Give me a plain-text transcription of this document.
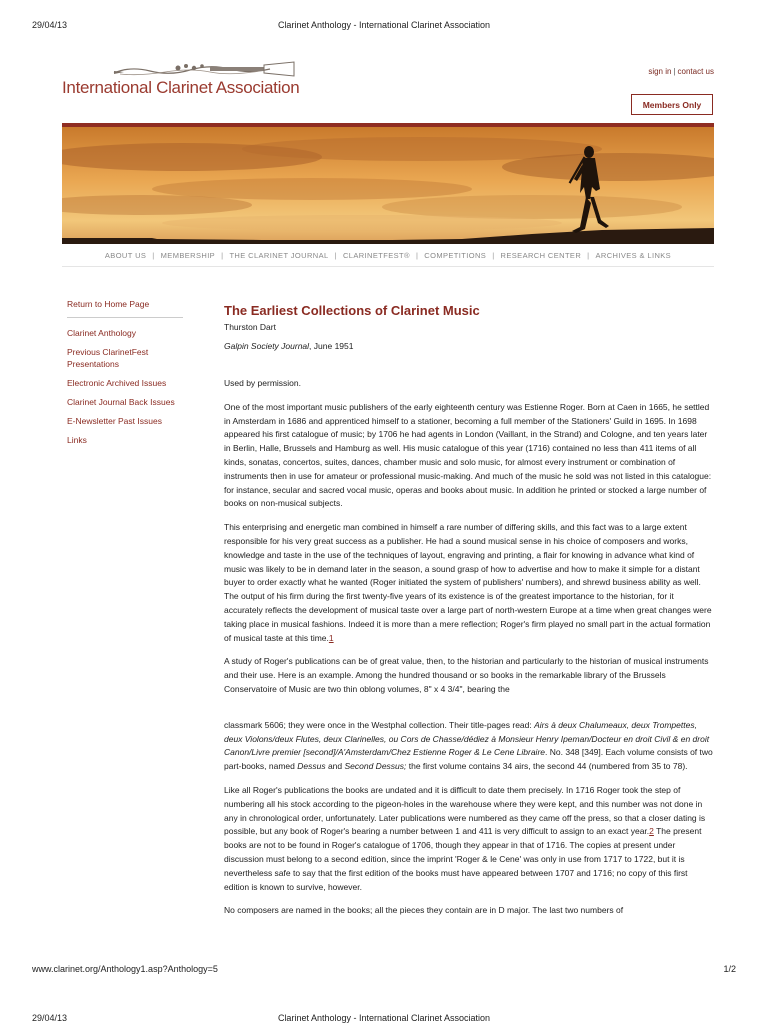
29/04/13	Clarinet Anthology - International Clarinet Association
International Clarinet Association
sign in | contact us
Members Only
ABOUT US | MEMBERSHIP | THE CLARINET JOURNAL | CLARINETFEST® | COMPETITIONS | RESEARCH CENTER | ARCHIVES & LINKS
Return to Home Page
Clarinet Anthology
Previous ClarinetFest Presentations
Electronic Archived Issues
Clarinet Journal Back Issues
E-Newsletter Past Issues
Links
The Earliest Collections of Clarinet Music
Thurston Dart
Galpin Society Journal, June 1951
Used by permission.
One of the most important music publishers of the early eighteenth century was Estienne Roger. Born at Caen in 1665, he settled in Amsterdam in 1686 and apprenticed himself to a stationer, becoming a full member of the Stationers' Guild in 1695. In 1698 appeared his first catalogue of music; by 1706 he had agents in London (Vaillant, in the Strand) and Cologne, and ten years later in Berlin, Halle, Brussels and Hamburg as well. His music catalogue of this year (1716) contained no less than 411 items of all kinds, sonatas, concertos, suites, dances, chamber music and solo music, for almost every instrument or combination of instruments then in use for amateur or professional music-making. And much of the music he sold was not listed in this catalogue: for instance, secular and sacred vocal music, operas and books about music. In addition he printed or stocked a large number of books on non-musical subjects.
This enterprising and energetic man combined in himself a rare number of differing skills, and this fact was to a large extent responsible for his very great success as a publisher. He had a sound musical sense in his choice of composers and works, knowledge and taste in the use of the techniques of layout, engraving and printing, a flair for knowing in advance what kind of music was likely to be in demand later in the season, a sound grasp of how to advertise and how to make it simple for a distant buyer to order exactly what he wanted (Roger initiated the system of publishers' numbers), and shrewd business ability as well. The output of his firm during the first twenty-five years of its existence is of the greatest importance to the historian, for it accurately reflects the development of musical taste over a large part of north-western Europe at a time when great changes were taking place in musical fashions. Indeed it is more than a mere reflection; Roger's firm played no small part in the actual formation of musical taste at this time.1
A study of Roger's publications can be of great value, then, to the historian and particularly to the historian of musical instruments and their use. Here is an example. Among the hundred thousand or so books in the remarkable library of the Brussels Conservatoire of Music are two thin oblong volumes, 8" x 4 3/4", bearing the
classmark 5606; they were once in the Westphal collection. Their title-pages read: Airs à deux Chalumeaux, deux Trompettes, deux Violons/deux Flutes, deux Clarinelles, ou Cors de Chasse/dédiez à Monsieur Henry Ipeman/Docteur en droit Civil & en droit Canon/Livre premier [second]/A'Amsterdam/Chez Estienne Roger & Le Cene Libraire. No. 348 [349]. Each volume consists of two part-books, named Dessus and Second Dessus; the first volume contains 34 airs, the second 44 (numbered from 35 to 78).
Like all Roger's publications the books are undated and it is difficult to date them precisely. In 1716 Roger took the step of numbering all his stock according to the pigeon-holes in the warehouse where they were kept, and this number was not done in any in chronological order, unfortunately. Later publications were numbered as they came off the press, so that a closer dating is possible, but any book of Roger's bearing a number between 1 and 411 is very difficult to assign to an exact year.2 The present books are not to be found in Roger's catalogue of 1706, though they appear in that of 1716. The copies at present under discussion must belong to a second edition, since the imprint 'Roger & le Cene' was only in use from 1717 to 1722, but it is nevertheless safe to say that the first edition of the books must have appeared between 1707 and 1716; no copy of this first edition is known to survive, however.
No composers are named in the books; all the pieces they contain are in D major. The last two numbers of
www.clarinet.org/Anthology1.asp?Anthology=5	1/2
29/04/13	Clarinet Anthology - International Clarinet Association
